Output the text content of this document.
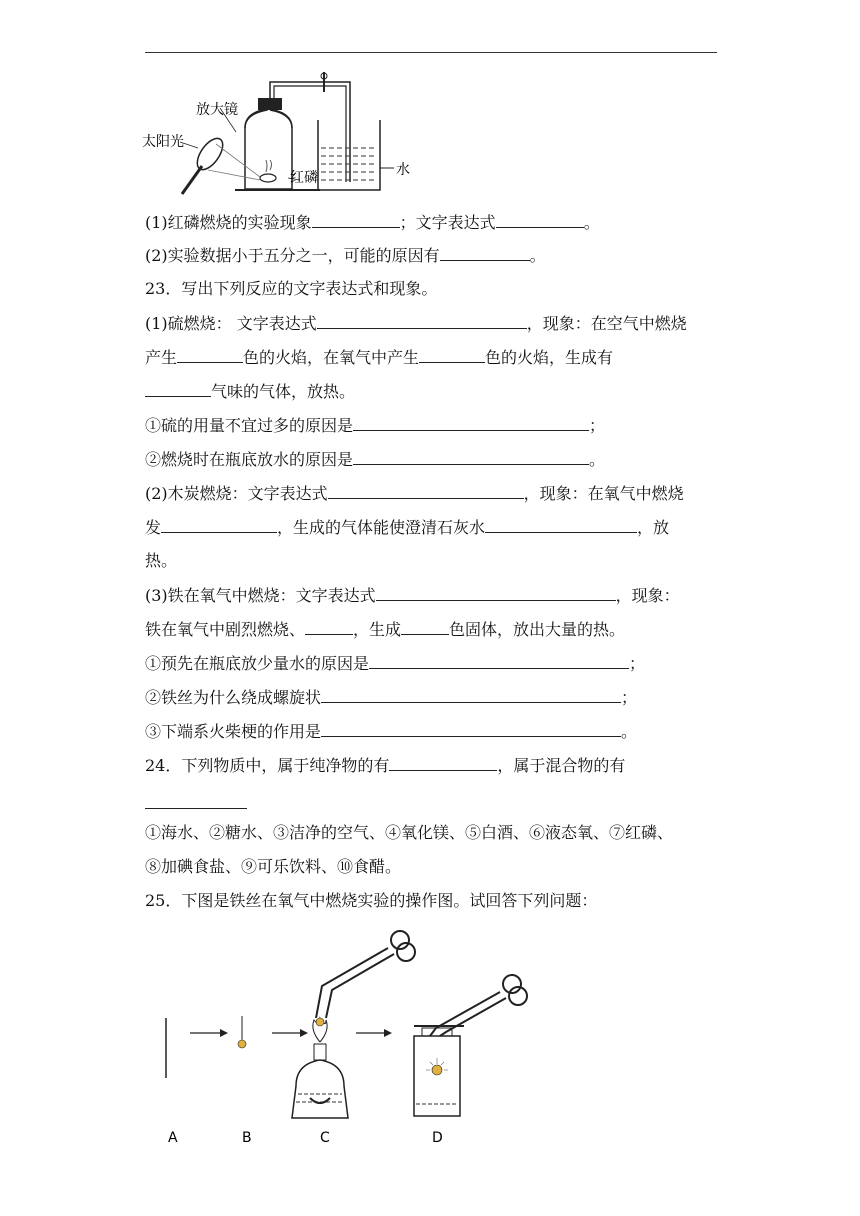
放大镜
太阳光
红磷	水
(1)红磷燃烧的实验现象	；文字表达式	。
(2)实验数据小于五分之一，可能的原因有	。
23．写出下列反应的文字表达式和现象。
(1)硫燃烧： 文字表达式	，现象：在空气中燃烧
产生	色的火焰，在氧气中产生	色的火焰，生成有
气味的气体，放热。
①硫的用量不宜过多的原因是	；
②燃烧时在瓶底放水的原因是	。
(2)木炭燃烧：文字表达式	，现象：在氧气中燃烧
发	，生成的气体能使澄清石灰水	，放
热。
(3)铁在氧气中燃烧：文字表达式	，现象：
铁在氧气中剧烈燃烧、	，生成	色固体，放出大量的热。
①预先在瓶底放少量水的原因是	；
②铁丝为什么绕成螺旋状	；
③下端系火柴梗的作用是	。
24．下列物质中，属于纯净物的有	，属于混合物的有
①海水、②糖水、③洁净的空气、④氧化镁、⑤白酒、⑥液态氧、⑦红磷、
⑧加碘食盐、⑨可乐饮料、⑩食醋。
25．下图是铁丝在氧气中燃烧实验的操作图。试回答下列问题：
A	B	C	D
